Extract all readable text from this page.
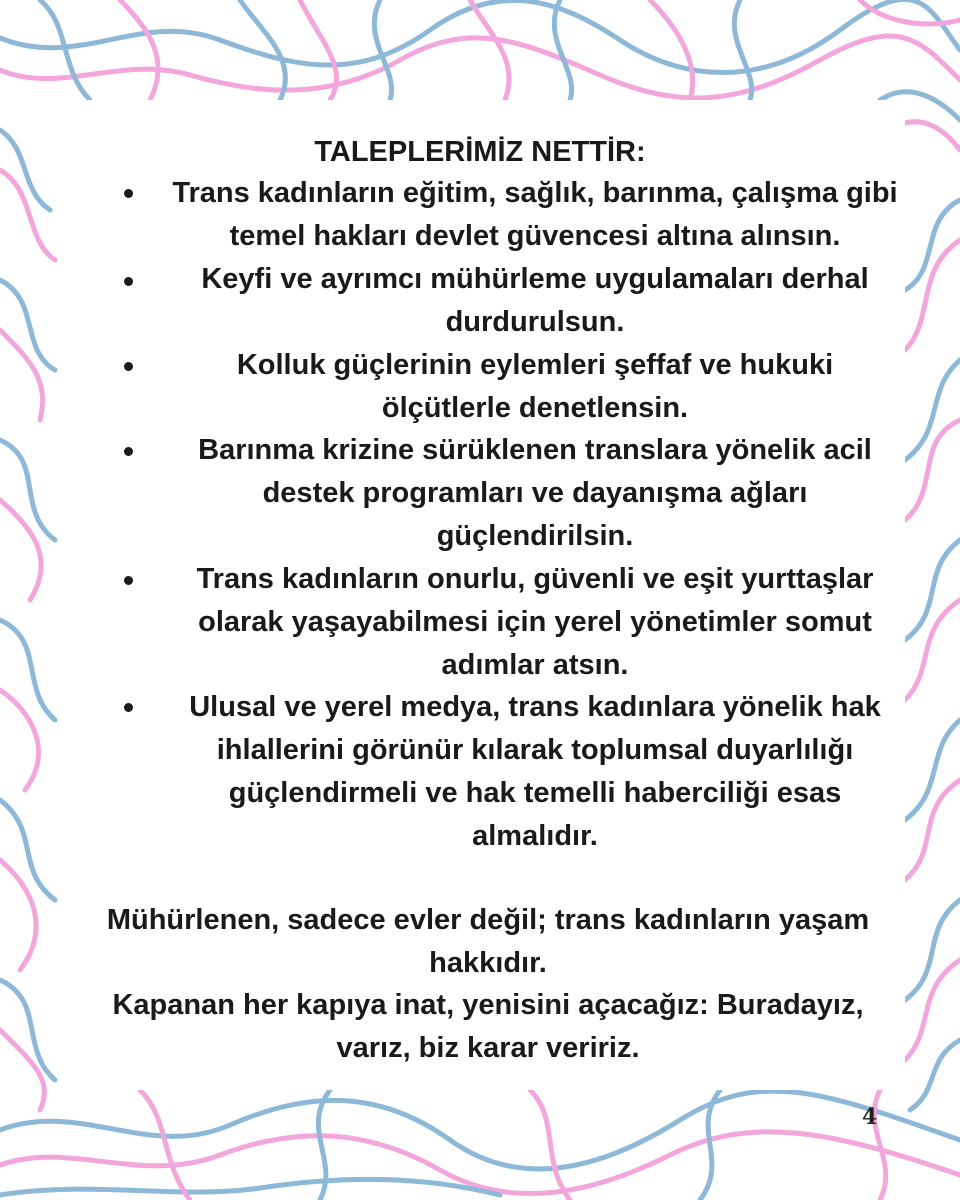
TALEPLERİMİZ NETTİR:
Trans kadınların eğitim, sağlık, barınma, çalışma gibi
temel hakları devlet güvencesi altına alınsın.
Keyfi ve ayrımcı mühürleme uygulamaları derhal
durdurulsun.
Kolluk güçlerinin eylemleri şeffaf ve hukuki
ölçütlerle denetlensin.
Barınma krizine sürüklenen translara yönelik acil
destek programları ve dayanışma ağları
güçlendirilsin.
Trans kadınların onurlu, güvenli ve eşit yurttaşlar
olarak yaşayabilmesi için yerel yönetimler somut
adımlar atsın.
Ulusal ve yerel medya, trans kadınlara yönelik hak
ihlallerini görünür kılarak toplumsal duyarlılığı
güçlendirmeli ve hak temelli haberciliği esas
almalıdır.
Mühürlenen, sadece evler değil; trans kadınların yaşam
hakkıdır.
Kapanan her kapıya inat, yenisini açacağız: Buradayız,
varız, biz karar veririz.
4
